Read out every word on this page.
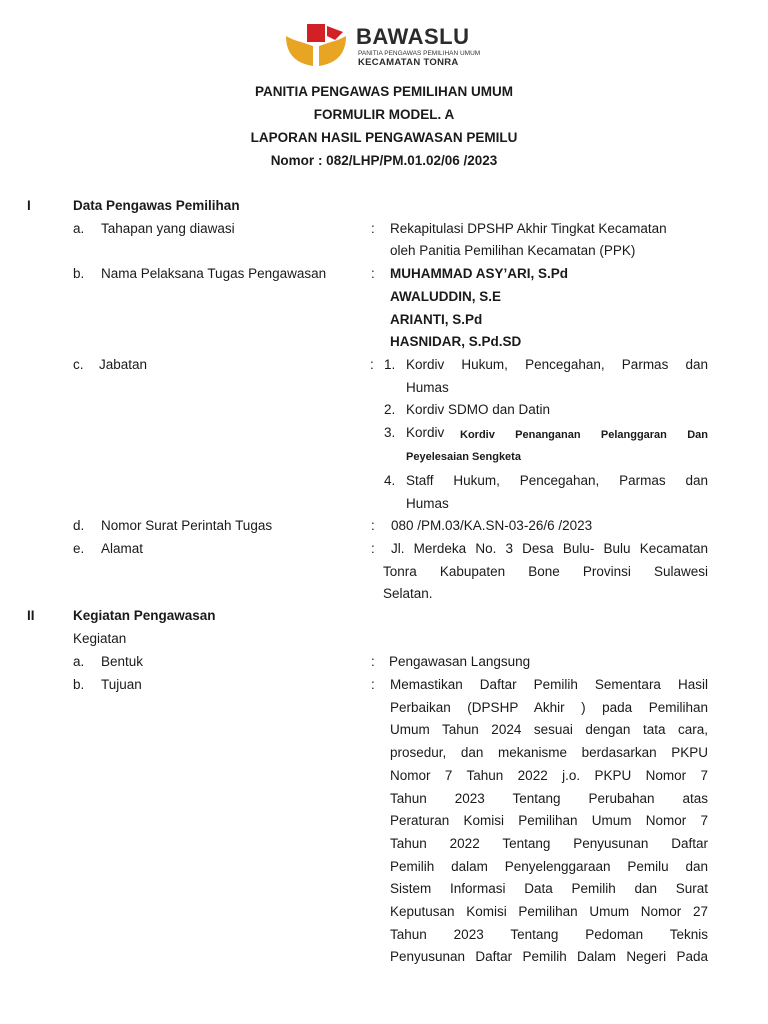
BAWASLU
PANITIA PENGAWAS PEMILIHAN UMUM
KECAMATAN TONRA
PANITIA PENGAWAS PEMILIHAN UMUM
FORMULIR MODEL. A
LAPORAN HASIL PENGAWASAN PEMILU
Nomor : 082/LHP/PM.01.02/06 /2023
I	Data Pengawas Pemilihan
a. Tahapan yang diawasi	: Rekapitulasi DPSHP Akhir Tingkat Kecamatan
oleh Panitia Pemilihan Kecamatan (PPK)
b. Nama Pelaksana Tugas Pengawasan	: MUHAMMAD ASY’ARI, S.Pd
AWALUDDIN, S.E
ARIANTI, S.Pd
HASNIDAR, S.Pd.SD
c. Jabatan	: 1. Kordiv Hukum, Pencegahan, Parmas dan
Humas
2. Kordiv SDMO dan Datin
3. Kordiv Kordiv Penanganan Pelanggaran Dan
Peyelesaian Sengketa
4. Staff Hukum, Pencegahan, Parmas dan
Humas
d. Nomor Surat Perintah Tugas	: 080 /PM.03/KA.SN-03-26/6 /2023
e. Alamat	:	Jl. Merdeka No. 3 Desa Bulu- Bulu Kecamatan
Tonra Kabupaten Bone Provinsi Sulawesi
Selatan.
II	Kegiatan Pengawasan
Kegiatan
a. Bentuk	: Pengawasan Langsung
b. Tujuan	: Memastikan Daftar Pemilih Sementara Hasil
Perbaikan (DPSHP Akhir ) pada Pemilihan
Umum Tahun 2024 sesuai dengan tata cara,
prosedur, dan mekanisme berdasarkan PKPU
Nomor 7 Tahun 2022 j.o. PKPU Nomor 7
Tahun 2023 Tentang Perubahan atas
Peraturan Komisi Pemilihan Umum Nomor 7
Tahun 2022 Tentang Penyusunan Daftar
Pemilih dalam Penyelenggaraan Pemilu dan
Sistem Informasi Data Pemilih dan Surat
Keputusan Komisi Pemilihan Umum Nomor 27
Tahun 2023 Tentang Pedoman Teknis
Penyusunan Daftar Pemilih Dalam Negeri Pada
